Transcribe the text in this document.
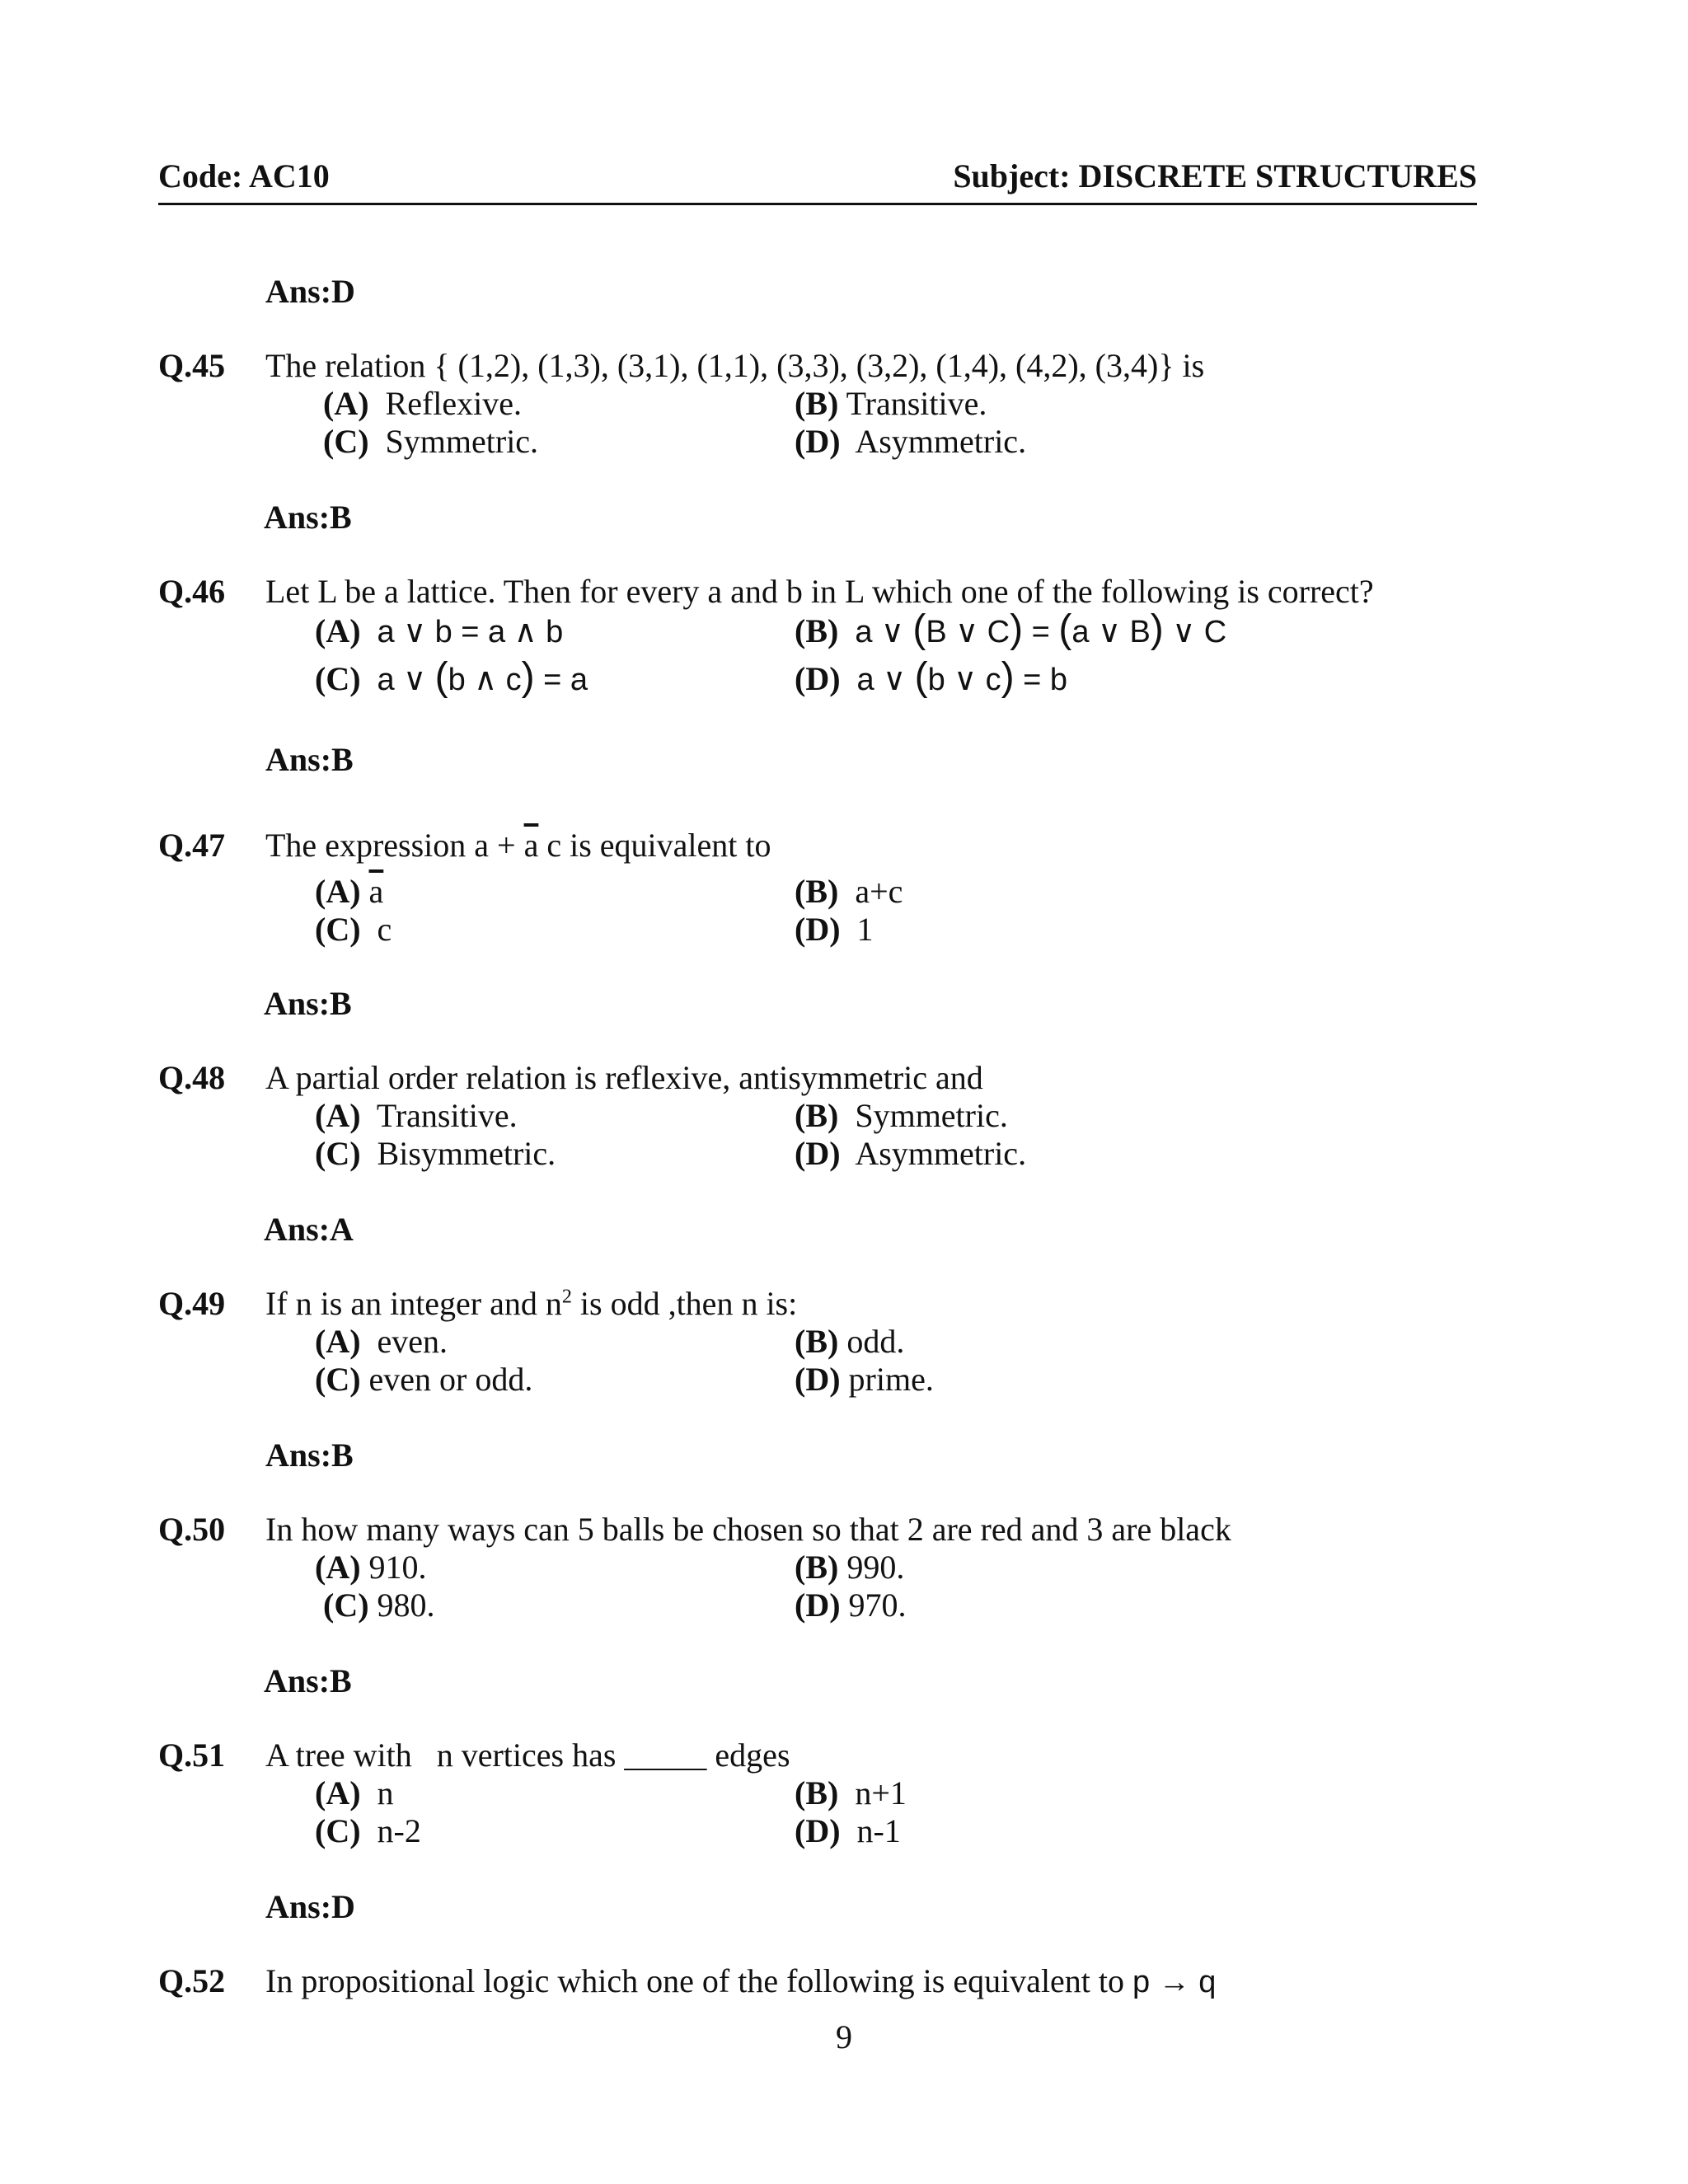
Code: AC10	Subject: DISCRETE STRUCTURES
Ans:D
Q.45 The relation { (1,2), (1,3), (3,1), (1,1), (3,3), (3,2), (1,4), (4,2), (3,4)} is
(A) Reflexive.	(B) Transitive.
(C) Symmetric.	(D) Asymmetric.
Ans:B
Q.46 Let L be a lattice. Then for every a and b in L which one of the following is correct?
(A) a ∨ b = a ∧ b	(B) a ∨ (B ∨ C) = (a ∨ B) ∨ C
(C) a ∨ (b ∧ c) = a	(D) a ∨ (b ∨ c) = b
Ans:B
Q.47 The expression $a + \overline{a}$ c is equivalent to
(A) $\overline{a}$	(B) a+c
(C) c	(D) 1
Ans:B
Q.48 A partial order relation is reflexive, antisymmetric and
(A) Transitive.	(B) Symmetric.
(C) Bisymmetric.	(D) Asymmetric.
Ans:A
Q.49 If n is an integer and $n^2$ is odd ,then n is:
(A) even.	(B) odd.
(C) even or odd.	(D) prime.
Ans:B
Q.50 In how many ways can 5 balls be chosen so that 2 are red and 3 are black
(A) 910.	(B) 990.
(C) 980.	(D) 970.
Ans:B
Q.51 A tree with   n vertices has _____ edges
(A) n	(B) n+1
(C) n-2	(D) n-1
Ans:D
Q.52 In propositional logic which one of the following is equivalent to p → q
9
